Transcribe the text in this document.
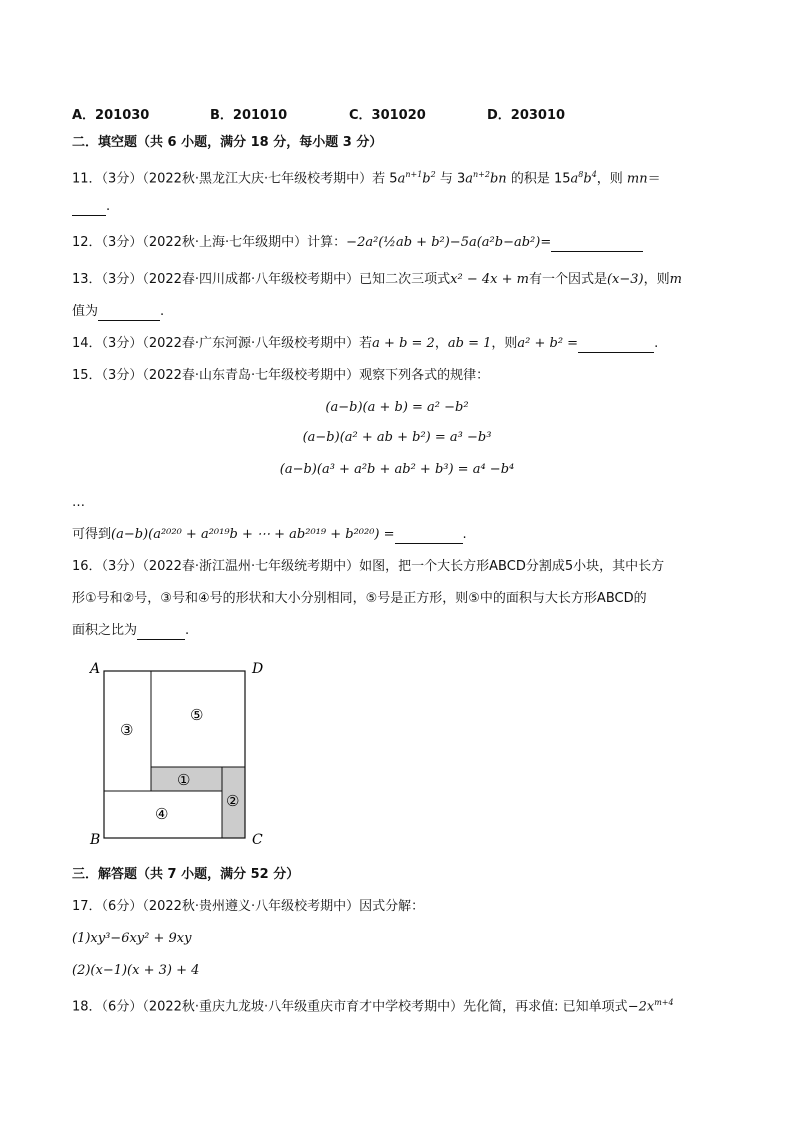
A．201030	B．201010	C．301020	D．203010
二．填空题（共 6 小题，满分 18 分，每小题 3 分）
11．（3分）（2022秋·黑龙江大庆·七年级校考期中）若 $5a^{n+1}b^2$ 与 $3a^{n+2}bn$ 的积是 $15a^8b^4$，则 mn＝
.
12．（3分）（2022秋·上海·七年级期中）计算：−2a²(½ab + b²)−5a(a²b−ab²)=
13．（3分）（2022春·四川成都·八年级校考期中）已知二次三项式x² − 4x + m有一个因式是(x−3)，则m
值为	.
14．（3分）（2022春·广东河源·八年级校考期中）若a + b = 2，ab = 1，则a² + b² =	.
15．（3分）（2022春·山东青岛·七年级校考期中）观察下列各式的规律：
(a−b)(a + b) = a² −b²
(a−b)(a² + ab + b²) = a³ −b³
(a−b)(a³ + a²b + ab² + b³) = a⁴ −b⁴
…
可得到(a−b)(a²⁰²⁰ + a²⁰¹⁹b + ⋯ + ab²⁰¹⁹ + b²⁰²⁰) =	.
16．（3分）（2022春·浙江温州·七年级统考期中）如图，把一个大长方形ABCD分割成5小块，其中长方
形①号和②号，③号和④号的形状和大小分别相同，⑤号是正方形，则⑤中的面积与大长方形ABCD的
面积之比为	.
A	D
B	C
③
⑤
①
②
④
三．解答题（共 7 小题，满分 52 分）
17．（6分）（2022秋·贵州遵义·八年级校考期中）因式分解：
(1)xy³−6xy² + 9xy
(2)(x−1)(x + 3) + 4
18．（6分）（2022秋·重庆九龙坡·八年级重庆市育才中学校考期中）先化简，再求值: 已知单项式$-2x^{m+4}$
